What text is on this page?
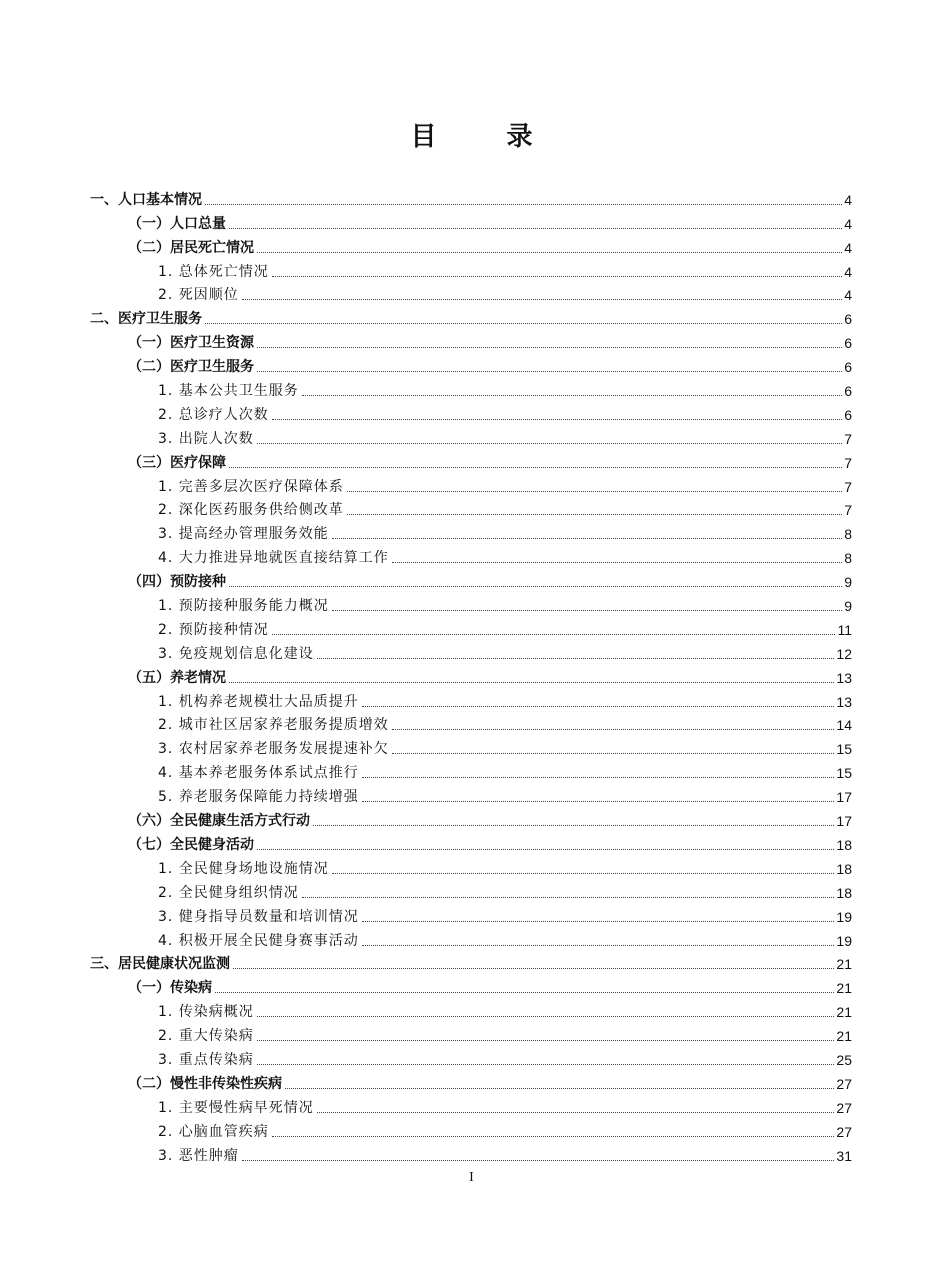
目　录
一、人口基本情况	4
（一）人口总量	4
（二）居民死亡情况	4
1. 总体死亡情况	4
2. 死因顺位	4
二、医疗卫生服务	6
（一）医疗卫生资源	6
（二）医疗卫生服务	6
1. 基本公共卫生服务	6
2. 总诊疗人次数	6
3. 出院人次数	7
（三）医疗保障	7
1. 完善多层次医疗保障体系	7
2. 深化医药服务供给侧改革	7
3. 提高经办管理服务效能	8
4. 大力推进异地就医直接结算工作	8
（四）预防接种	9
1. 预防接种服务能力概况	9
2. 预防接种情况	11
3. 免疫规划信息化建设	12
（五）养老情况	13
1. 机构养老规模壮大品质提升	13
2. 城市社区居家养老服务提质增效	14
3. 农村居家养老服务发展提速补欠	15
4. 基本养老服务体系试点推行	15
5. 养老服务保障能力持续增强	17
（六）全民健康生活方式行动	17
（七）全民健身活动	18
1. 全民健身场地设施情况	18
2. 全民健身组织情况	18
3. 健身指导员数量和培训情况	19
4. 积极开展全民健身赛事活动	19
三、居民健康状况监测	21
（一）传染病	21
1. 传染病概况	21
2. 重大传染病	21
3. 重点传染病	25
（二）慢性非传染性疾病	27
1. 主要慢性病早死情况	27
2. 心脑血管疾病	27
3. 恶性肿瘤	31
I
